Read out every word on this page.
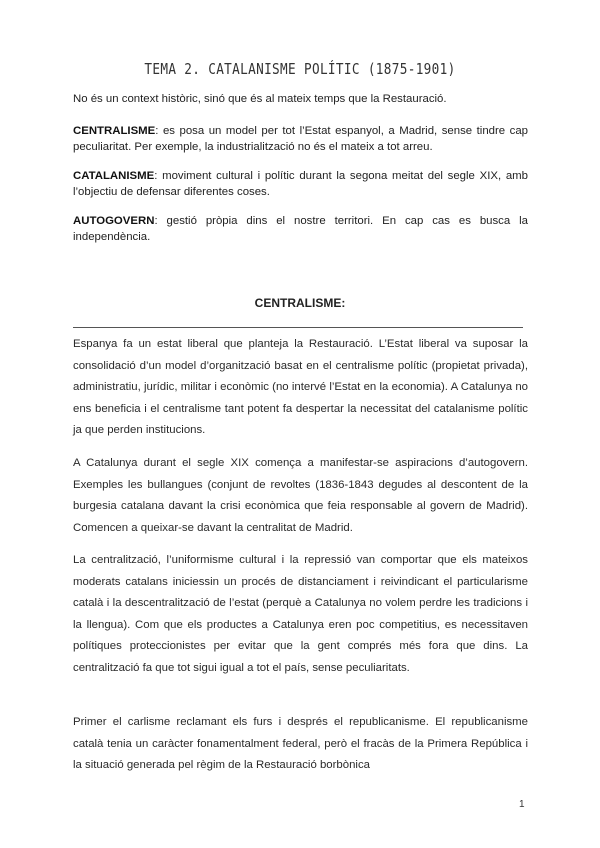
TEMA 2. CATALANISME POLÍTIC (1875-1901)
No és un context històric, sinó que és al mateix temps que la Restauració.
CENTRALISME: es posa un model per tot l’Estat espanyol, a Madrid, sense tindre cap peculiaritat. Per exemple, la industrialització no és el mateix a tot arreu.
CATALANISME: moviment cultural i polític durant la segona meitat del segle XIX, amb l’objectiu de defensar diferentes coses.
AUTOGOVERN: gestió pròpia dins el nostre territori. En cap cas es busca la independència.
CENTRALISME:
Espanya fa un estat liberal que planteja la Restauració. L’Estat liberal va suposar la consolidació d’un model d’organització basat en el centralisme polític (propietat privada), administratiu, jurídic, militar i econòmic (no intervé l’Estat en la economia). A Catalunya no ens beneficia i el centralisme tant potent fa despertar la necessitat del catalanisme polític ja que perden institucions.
A Catalunya durant el segle XIX comença a manifestar-se aspiracions d’autogovern. Exemples les bullangues (conjunt de revoltes (1836-1843 degudes al descontent de la burgesia catalana davant la crisi econòmica que feia responsable al govern de Madrid). Comencen a queixar-se davant la centralitat de Madrid.
La centralització, l’uniformisme cultural i la repressió van comportar que els mateixos moderats catalans iniciessin un procés de distanciament i reivindicant el particularisme català i la descentralització de l’estat (perquè a Catalunya no volem perdre les tradicions i la llengua). Com que els productes a Catalunya eren poc competitius, es necessitaven polítiques proteccionistes per evitar que la gent comprés més fora que dins. La centralització fa que tot sigui igual a tot el país, sense peculiaritats.
Primer el carlisme reclamant els furs i després el republicanisme. El republicanisme català tenia un caràcter fonamentalment federal, però el fracàs de la Primera República i la situació generada pel règim de la Restauració borbònica
1
